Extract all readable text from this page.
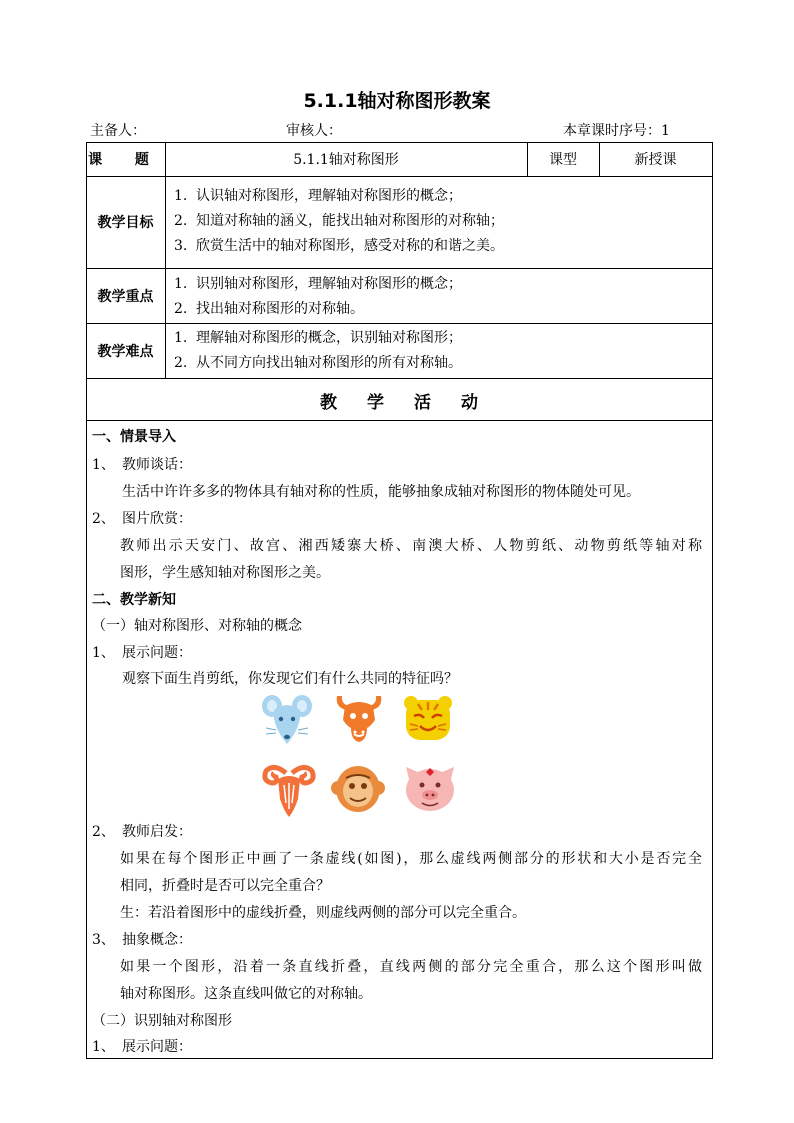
5.1.1轴对称图形教案
主备人：	审核人：	本章课时序号：1
课 题	5.1.1轴对称图形	课型	新授课
教学目标
1. 认识轴对称图形，理解轴对称图形的概念；
2. 知道对称轴的涵义，能找出轴对称图形的对称轴；
3. 欣赏生活中的轴对称图形，感受对称的和谐之美。
教学重点
1. 识别轴对称图形，理解轴对称图形的概念；
2. 找出轴对称图形的对称轴。
教学难点
1. 理解轴对称图形的概念，识别轴对称图形；
2. 从不同方向找出轴对称图形的所有对称轴。
教学活动
一、情景导入
1、 教师谈话：
生活中许许多多的物体具有轴对称的性质，能够抽象成轴对称图形的物体随处可见。
2、 图片欣赏：
教师出示天安门、故宫、湘西矮寨大桥、南澳大桥、人物剪纸、动物剪纸等轴对称
图形，学生感知轴对称图形之美。
二、教学新知
（一）轴对称图形、对称轴的概念
1、 展示问题：
观察下面生肖剪纸，你发现它们有什么共同的特征吗？
2、 教师启发：
如果在每个图形正中画了一条虚线(如图)，那么虚线两侧部分的形状和大小是否完全
相同，折叠时是否可以完全重合？
生：若沿着图形中的虚线折叠，则虚线两侧的部分可以完全重合。
3、 抽象概念：
如果一个图形，沿着一条直线折叠，直线两侧的部分完全重合，那么这个图形叫做
轴对称图形。这条直线叫做它的对称轴。
（二）识别轴对称图形
1、 展示问题：
